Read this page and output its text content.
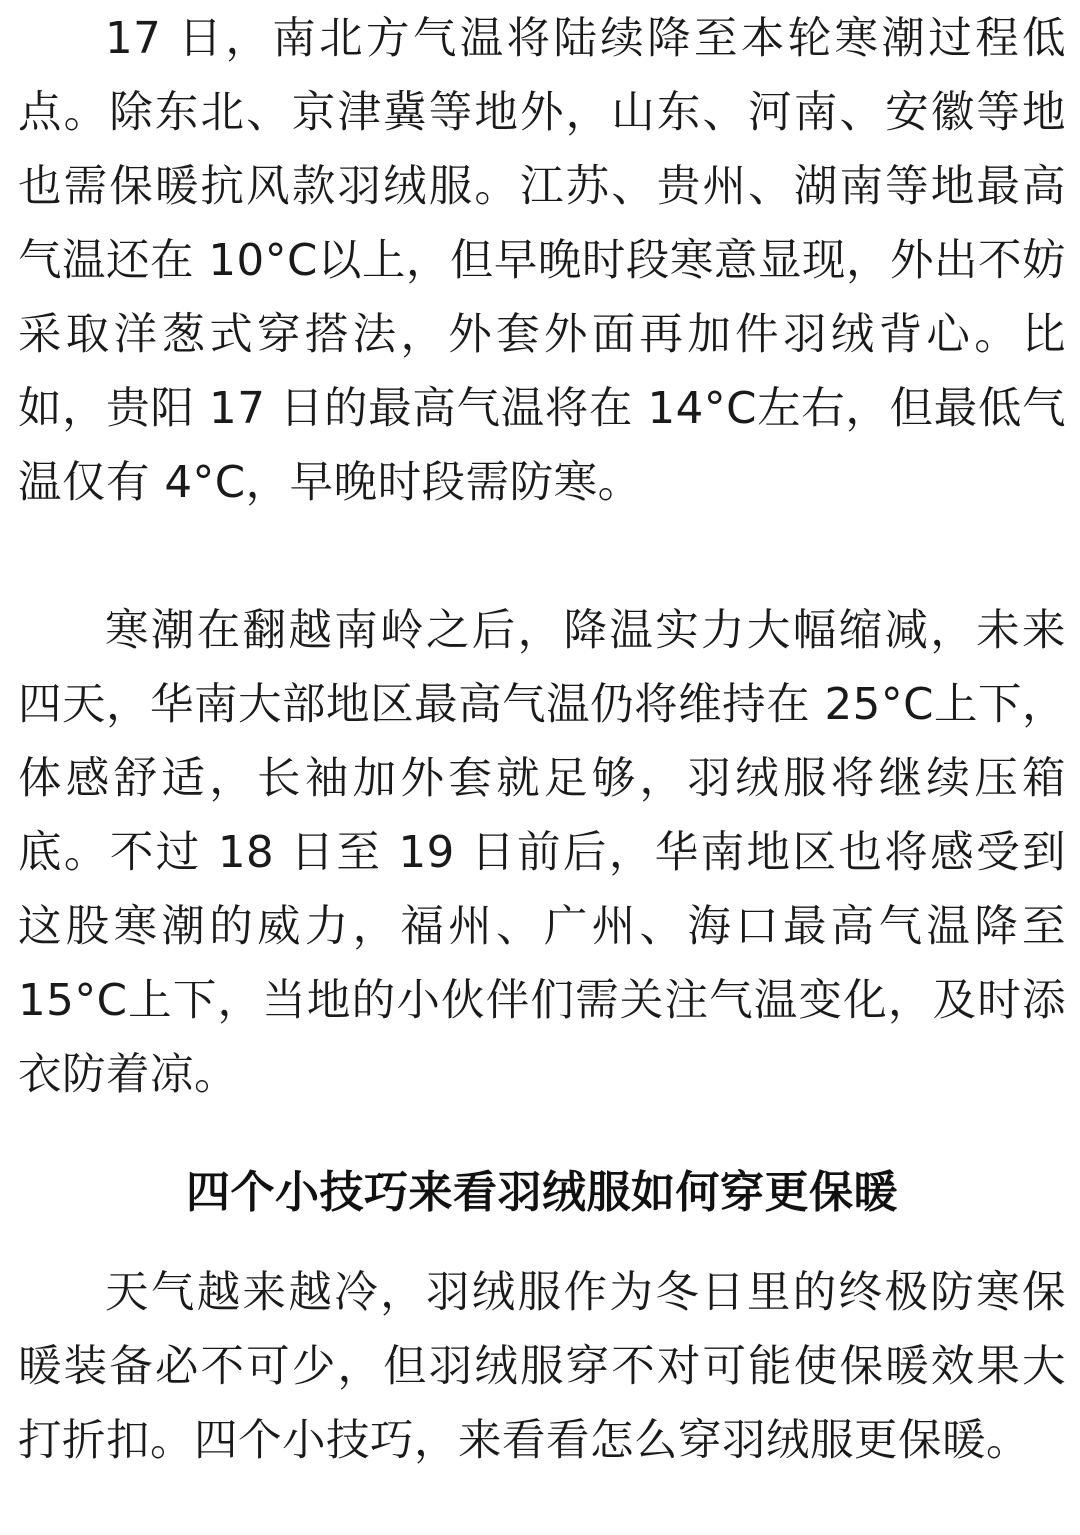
17 日，南北方气温将陆续降至本轮寒潮过程低点。除东北、京津冀等地外，山东、河南、安徽等地也需保暖抗风款羽绒服。江苏、贵州、湖南等地最高气温还在 10°C以上，但早晚时段寒意显现，外出不妨采取洋葱式穿搭法，外套外面再加件羽绒背心。比如，贵阳 17 日的最高气温将在 14°C左右，但最低气温仅有 4°C，早晚时段需防寒。

寒潮在翻越南岭之后，降温实力大幅缩减，未来四天，华南大部地区最高气温仍将维持在 25°C上下，体感舒适，长袖加外套就足够，羽绒服将继续压箱底。不过 18 日至 19 日前后，华南地区也将感受到这股寒潮的威力，福州、广州、海口最高气温降至 15°C上下，当地的小伙伴们需关注气温变化，及时添衣防着凉。

四个小技巧来看羽绒服如何穿更保暖

天气越来越冷，羽绒服作为冬日里的终极防寒保暖装备必不可少，但羽绒服穿不对可能使保暖效果大打折扣。四个小技巧，来看看怎么穿羽绒服更保暖。
